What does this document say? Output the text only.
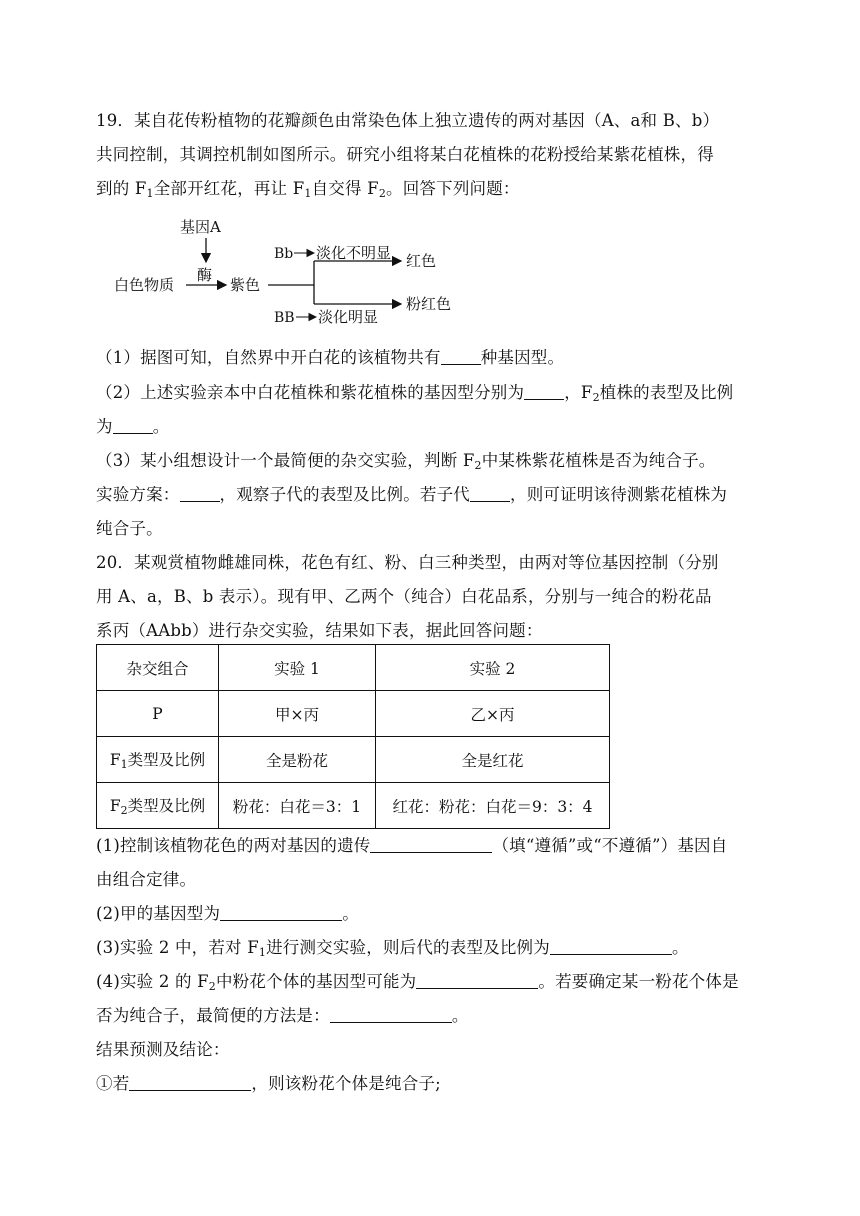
19．某自花传粉植物的花瓣颜色由常染色体上独立遗传的两对基因（A、a和 B、b）
共同控制，其调控机制如图所示。研究小组将某白花植株的花粉授给某紫花植株，得
到的 $F_1$全部开红花，再让 $F_1$自交得 $F_2$。回答下列问题：
基因A
酶
白色物质	紫色
Bb 淡化不明显 红色
BB 淡化明显
粉红色
（1）据图可知，自然界中开白花的该植物共有 种基因型。
（2）上述实验亲本中白花植株和紫花植株的基因型分别为 ，$F_2$植株的表型及比例
为 。
（3）某小组想设计一个最简便的杂交实验，判断 $F_2$中某株紫花植株是否为纯合子。
实验方案： ，观察子代的表型及比例。若子代 ，则可证明该待测紫花植株为
纯合子。
20．某观赏植物雌雄同株，花色有红、粉、白三种类型，由两对等位基因控制（分别
用 A、a，B、b 表示）。现有甲、乙两个（纯合）白花品系，分别与一纯合的粉花品
系丙（AAbb）进行杂交实验，结果如下表，据此回答问题：
杂交组合	实验 1	实验 2
P	甲×丙	乙×丙
$F_1$类型及比例	全是粉花	全是红花
$F_2$类型及比例	粉花：白花＝3：1	红花：粉花：白花＝9：3：4
(1)控制该植物花色的两对基因的遗传	（填“遵循”或“不遵循”）基因自
由组合定律。
(2)甲的基因型为	。
(3)实验 2 中，若对 $F_1$进行测交实验，则后代的表型及比例为	。
(4)实验 2 的 $F_2$中粉花个体的基因型可能为	。若要确定某一粉花个体是
否为纯合子，最简便的方法是：	。
结果预测及结论：
①若	，则该粉花个体是纯合子;
